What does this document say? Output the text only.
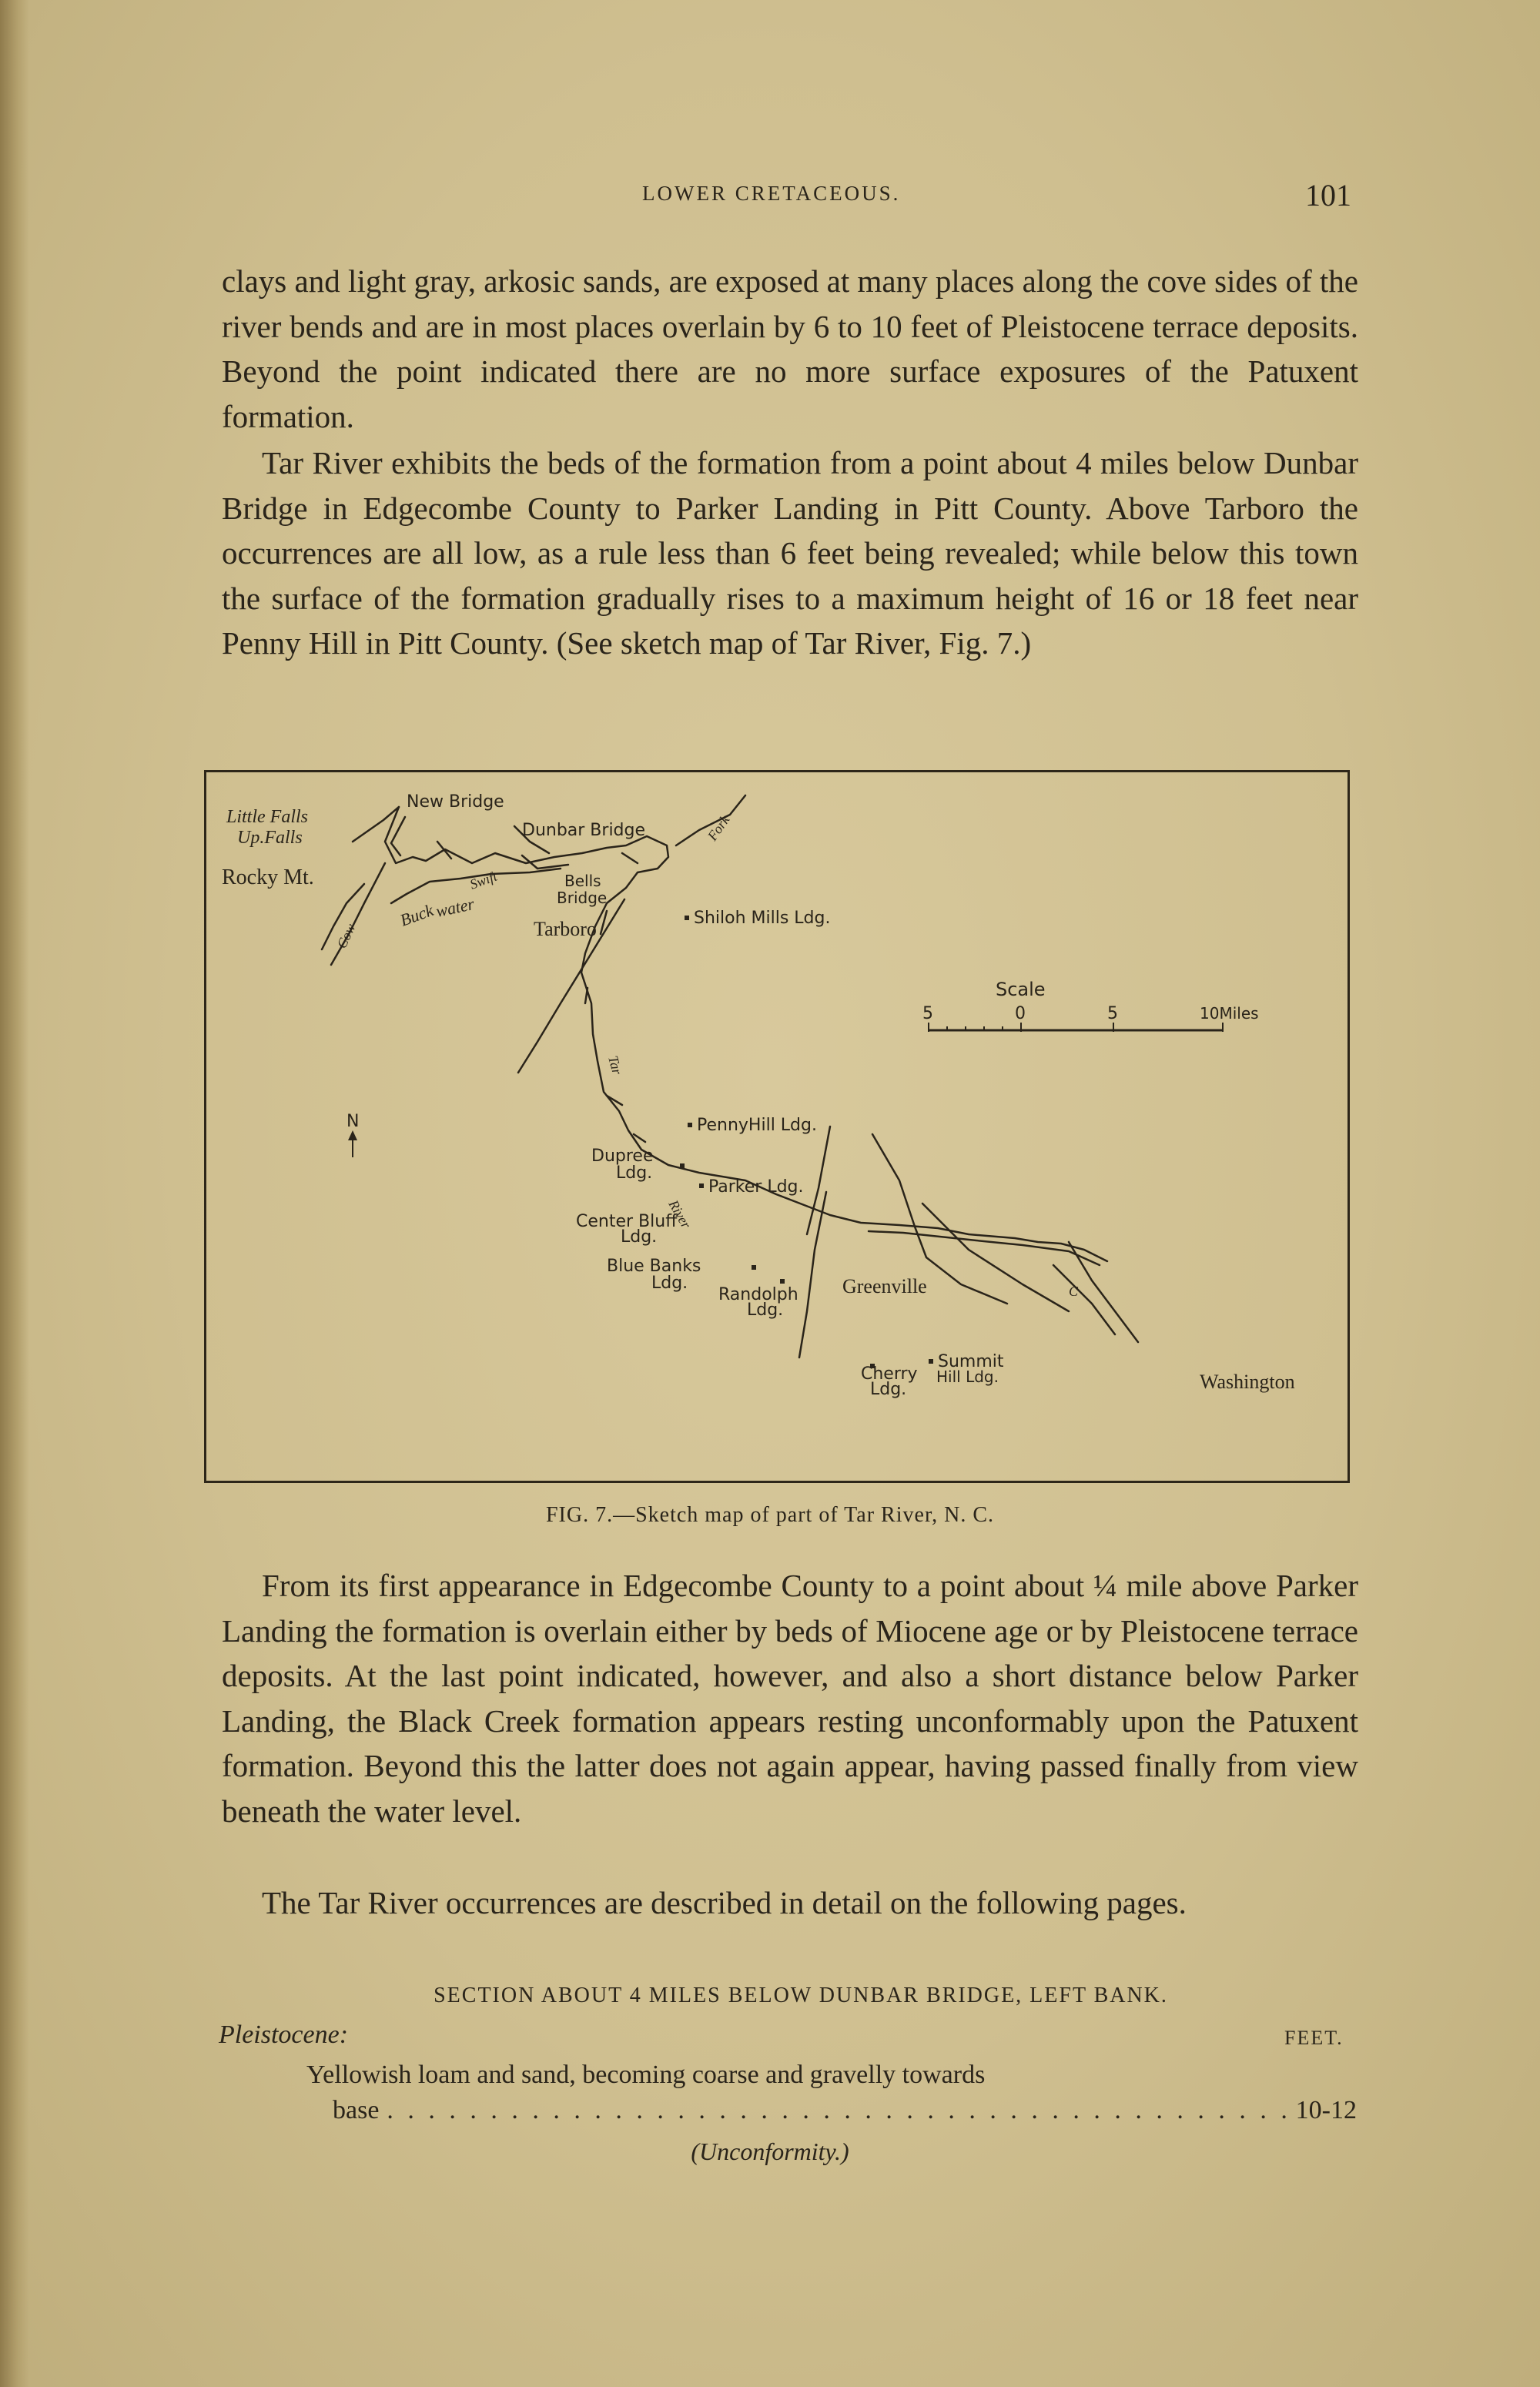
LOWER CRETACEOUS.	101

clays and light gray, arkosic sands, are exposed at many places along the cove sides of the river bends and are in most places overlain by 6 to 10 feet of Pleistocene terrace deposits. Beyond the point indicated there are no more surface exposures of the Patuxent formation.

Tar River exhibits the beds of the formation from a point about 4 miles below Dunbar Bridge in Edgecombe County to Parker Landing in Pitt County. Above Tarboro the occurrences are all low, as a rule less than 6 feet being revealed; while below this town the surface of the formation gradually rises to a maximum height of 16 or 18 feet near Penny Hill in Pitt County. (See sketch map of Tar River, Fig. 7.)

Little Falls
Up.Falls
Rocky Mt.
New Bridge
Dunbar Bridge
Bells
Bridge
Tarboro	Shiloh Mills Ldg.
PennyHill Ldg.
Dupree
Ldg.
Parker Ldg.
Center Bluff
Ldg.
Blue Banks
Ldg.
Randolph
Ldg.
Greenville
Cherry
Ldg.
Summit
Hill Ldg.	Washington
Buck
water
Swift
Cow
Fork
Tar
River
C
N
Scale
5	0	5	10Miles
FIG. 7.—Sketch map of part of Tar River, N. C.

From its first appearance in Edgecombe County to a point about ¼ mile above Parker Landing the formation is overlain either by beds of Miocene age or by Pleistocene terrace deposits. At the last point indicated, however, and also a short distance below Parker Landing, the Black Creek formation appears resting unconformably upon the Patuxent formation. Beyond this the latter does not again appear, having passed finally from view beneath the water level.

The Tar River occurrences are described in detail on the following pages.

SECTION ABOUT 4 MILES BELOW DUNBAR BRIDGE, LEFT BANK.
Pleistocene:	FEET.
Yellowish loam and sand, becoming coarse and gravelly towards
base
. . .	10-12
(Unconformity.)
